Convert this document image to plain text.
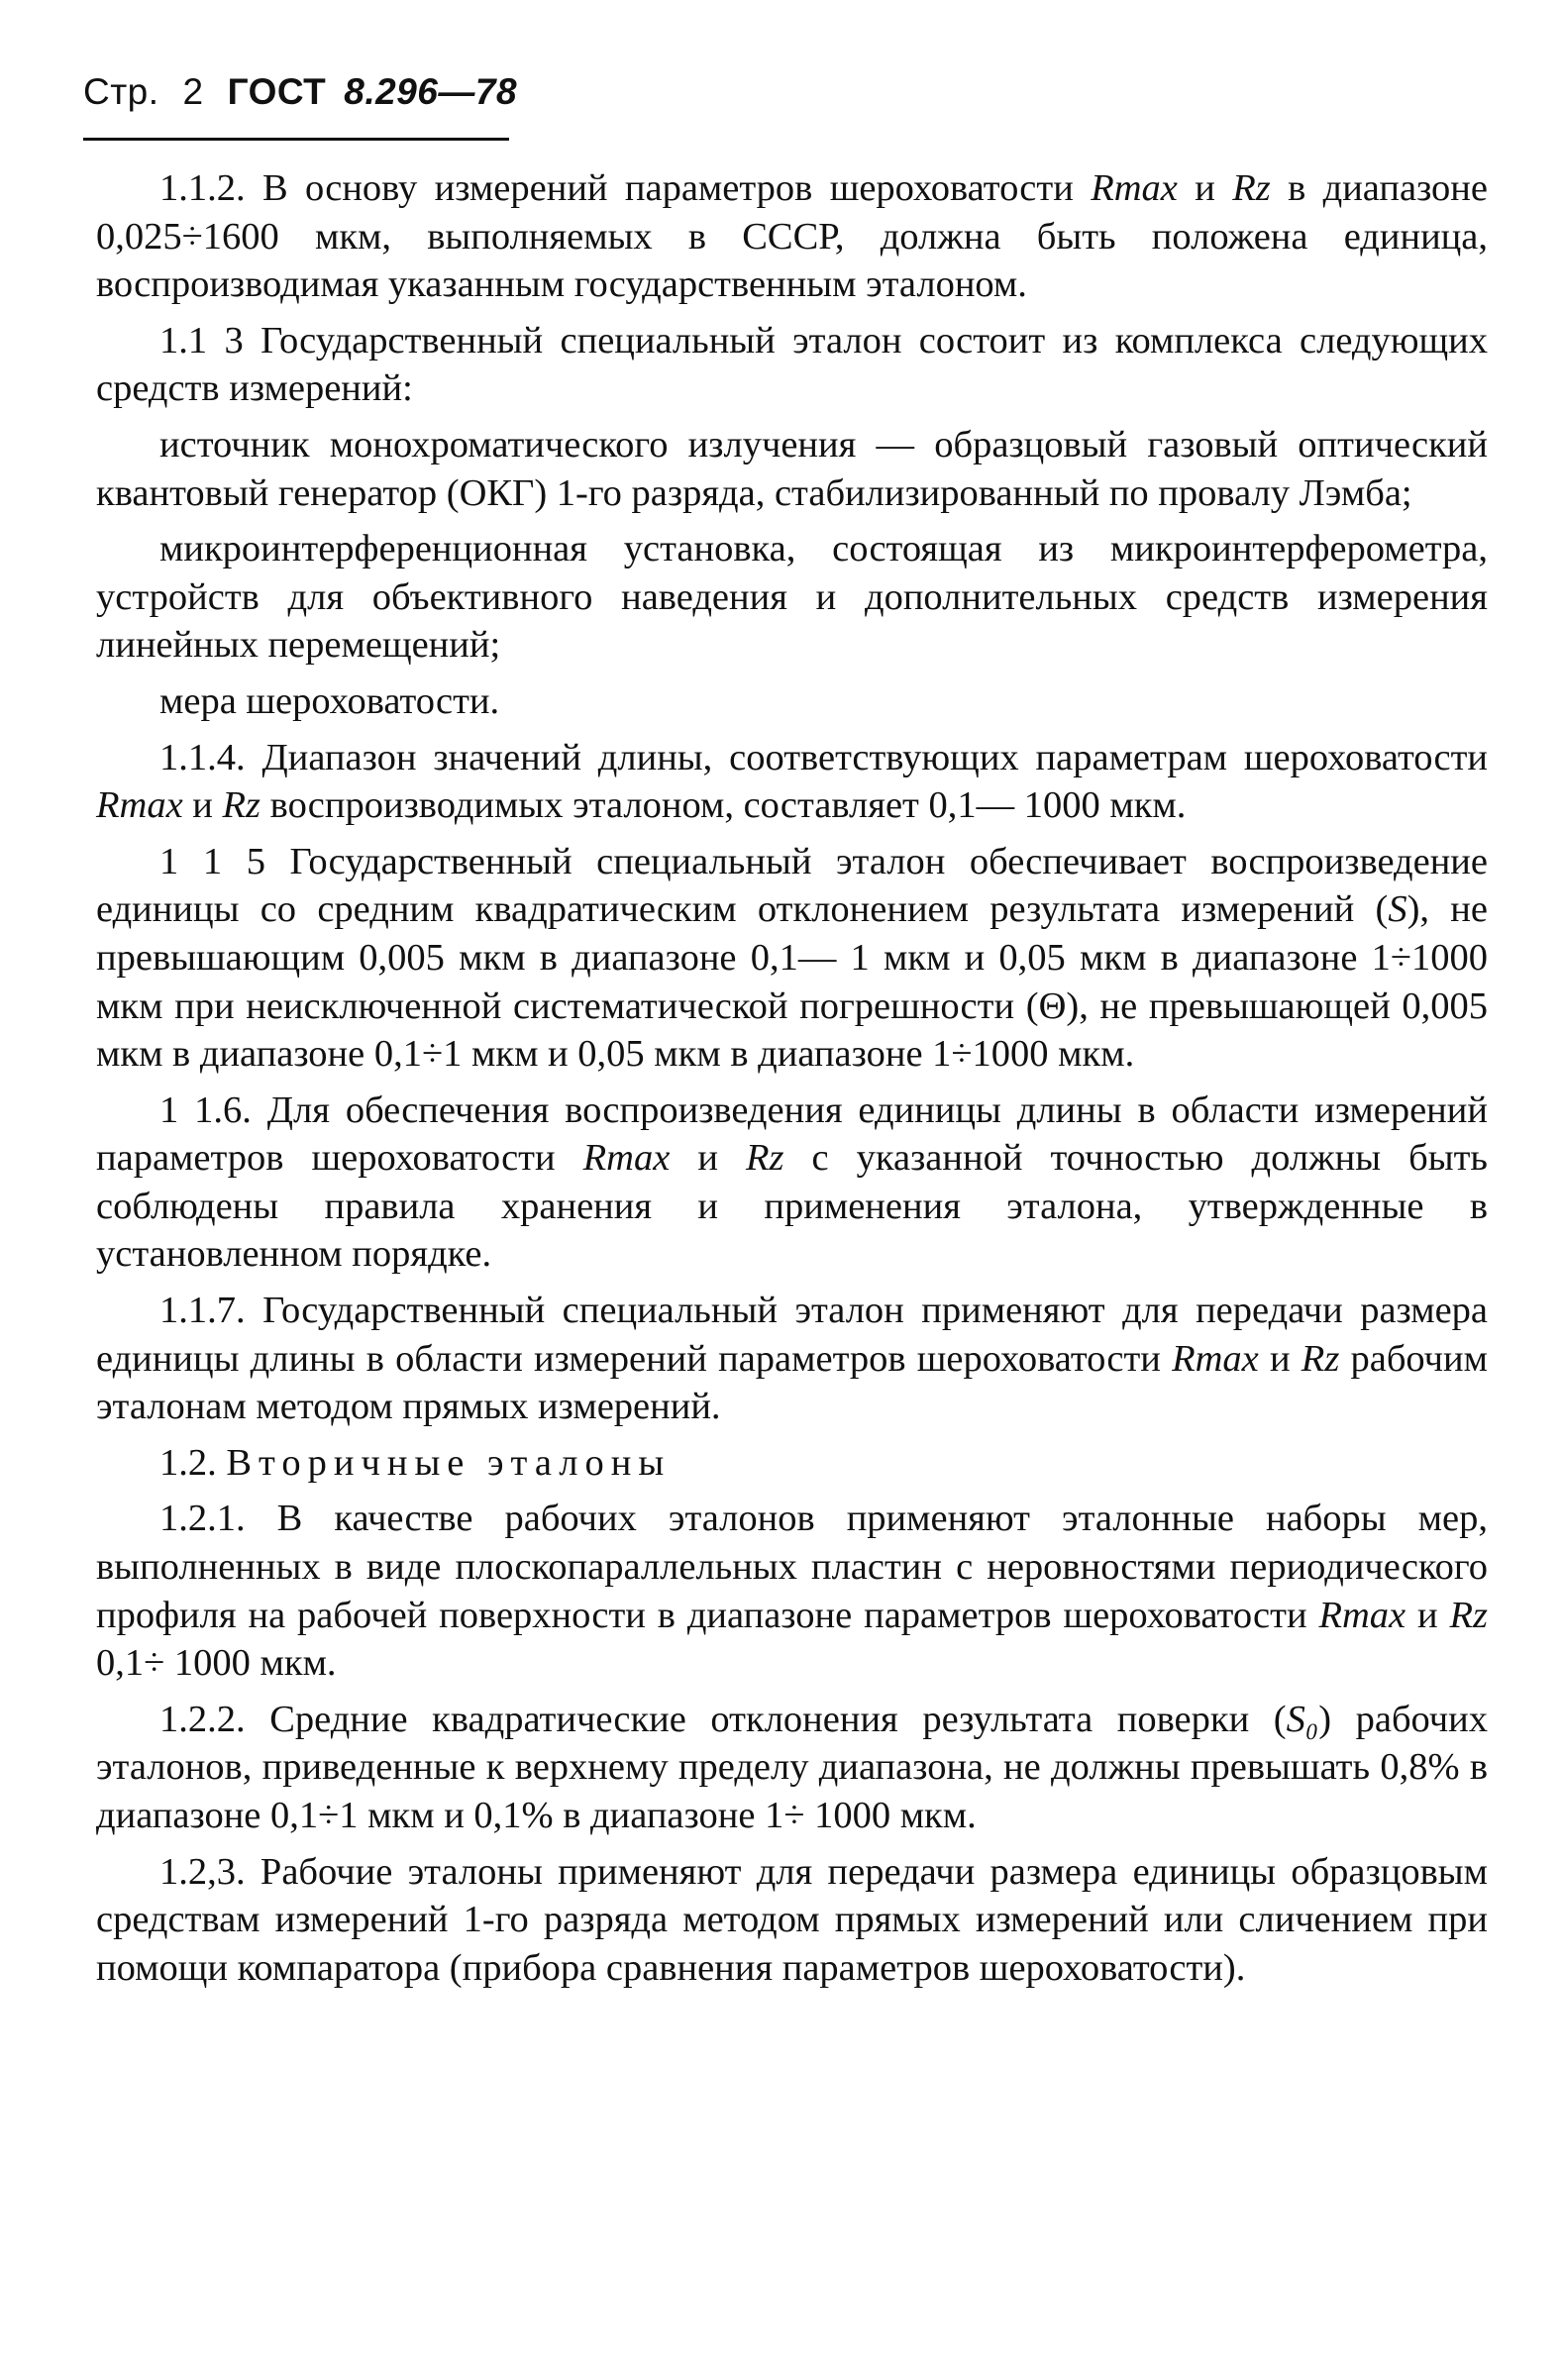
Стр. 2 ГОСТ 8.296—78

1.1.2. В основу измерений параметров шероховатости Rmax и Rz в диапазоне 0,025÷1600 мкм, выполняемых в СССР, должна быть положена единица, воспроизводимая указанным государственным эталоном.

1.1 3 Государственный специальный эталон состоит из комплекса следующих средств измерений:

источник монохроматического излучения — образцовый газовый оптический квантовый генератор (ОКГ) 1-го разряда, стабилизированный по провалу Лэмба;

микроинтерференционная установка, состоящая из микроинтерферометра, устройств для объективного наведения и дополнительных средств измерения линейных перемещений;

мера шероховатости.

1.1.4. Диапазон значений длины, соответствующих параметрам шероховатости Rmax и Rz воспроизводимых эталоном, составляет 0,1— 1000 мкм.

1 1 5 Государственный специальный эталон обеспечивает воспроизведение единицы со средним квадратическим отклонением результата измерений (S), не превышающим 0,005 мкм в диапазоне 0,1— 1 мкм и 0,05 мкм в диапазоне 1÷1000 мкм при неисключенной систематической погрешности (Θ), не превышающей 0,005 мкм в диапазоне 0,1÷1 мкм и 0,05 мкм в диапазоне 1÷1000 мкм.

1 1.6. Для обеспечения воспроизведения единицы длины в области измерений параметров шероховатости Rmax и Rz с указанной точностью должны быть соблюдены правила хранения и применения эталона, утвержденные в установленном порядке.

1.1.7. Государственный специальный эталон применяют для передачи размера единицы длины в области измерений параметров шероховатости Rmax и Rz рабочим эталонам методом прямых измерений.

1.2. Вторичные эталоны

1.2.1. В качестве рабочих эталонов применяют эталонные наборы мер, выполненных в виде плоскопараллельных пластин с неровностями периодического профиля на рабочей поверхности в диапазоне параметров шероховатости Rmax и Rz 0,1÷ 1000 мкм.

1.2.2. Средние квадратические отклонения результата поверки (S₀) рабочих эталонов, приведенные к верхнему пределу диапазона, не должны превышать 0,8% в диапазоне 0,1÷1 мкм и 0,1% в диапазоне 1÷ 1000 мкм.

1.2,3. Рабочие эталоны применяют для передачи размера единицы образцовым средствам измерений 1-го разряда методом прямых измерений или сличением при помощи компаратора (прибора сравнения параметров шероховатости).
